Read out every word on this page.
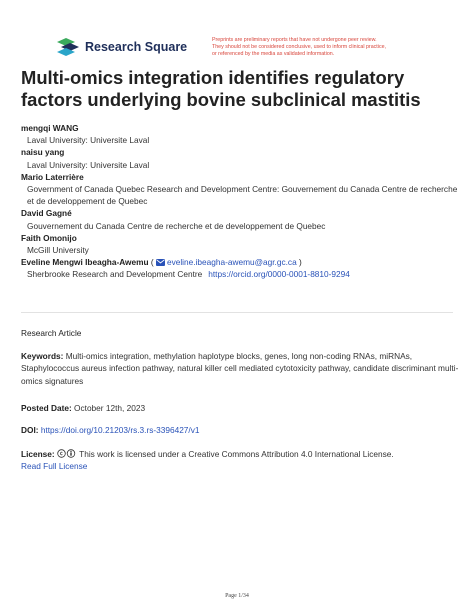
Research Square	Preprints are preliminary reports that have not undergone peer review.
They should not be considered conclusive, used to inform clinical practice,
or referenced by the media as validated information.
Multi-omics integration identifies regulatory factors underlying bovine subclinical mastitis
mengqi WANG
Laval University: Universite Laval
naisu yang
Laval University: Universite Laval
Mario Laterrière
Government of Canada Quebec Research and Development Centre: Gouvernement du Canada Centre de recherche et de developpement de Quebec
David Gagné
Gouvernement du Canada Centre de recherche et de developpement de Quebec
Faith Omonijo
McGill University
Eveline Mengwi Ibeagha-Awemu ( eveline.ibeagha-awemu@agr.gc.ca )
Sherbrooke Research and Development Centre https://orcid.org/0000-0001-8810-9294
Research Article
Keywords: Multi-omics integration, methylation haplotype blocks, genes, long non-coding RNAs, miRNAs, Staphylococcus aureus infection pathway, natural killer cell mediated cytotoxicity pathway, candidate discriminant multi-omics signatures
Posted Date: October 12th, 2023
DOI: https://doi.org/10.21203/rs.3.rs-3396427/v1
License:	This work is licensed under a Creative Commons Attribution 4.0 International License.
Read Full License
Page 1/34
